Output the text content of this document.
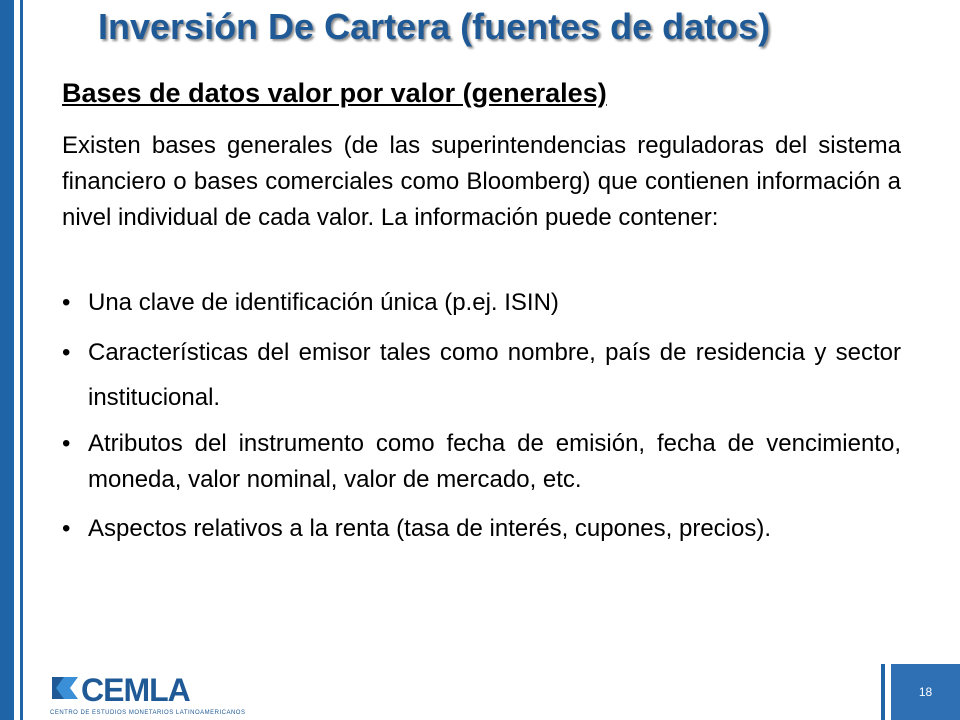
Inversión De Cartera (fuentes de datos)
Bases de datos valor por valor (generales)

Existen bases generales (de las superintendencias reguladoras del sistema financiero o bases comerciales como Bloomberg) que contienen información a nivel individual de cada valor. La información puede contener:

• Una clave de identificación única (p.ej. ISIN)
• Características del emisor tales como nombre, país de residencia y sector institucional.
• Atributos del instrumento como fecha de emisión, fecha de vencimiento, moneda, valor nominal, valor de mercado, etc.
• Aspectos relativos a la renta (tasa de interés, cupones, precios).
CEMLA
CENTRO DE ESTUDIOS MONETARIOS LATINOAMERICANOS
18
